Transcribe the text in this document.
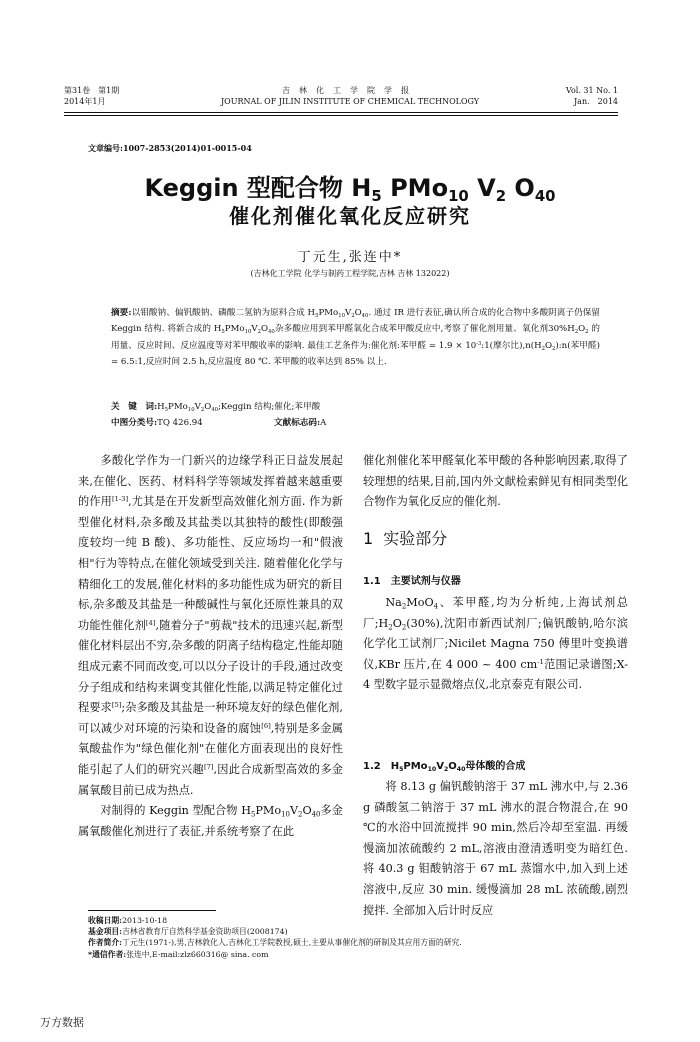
第31卷　第1期
2014年1月
吉林化工学院学报
JOURNAL OF JILIN INSTITUTE OF CHEMICAL TECHNOLOGY
Vol. 31 No. 1
Jan.　2014
文章编号:1007-2853(2014)01-0015-04
Keggin 型配合物 $H_5$ PMo$_{10}$ $V_2$ $O_{40}$
催化剂催化氧化反应研究
丁元生,张连中*
(吉林化工学院 化学与制药工程学院,吉林 吉林 132022)
摘要:以钼酸钠、偏钒酸钠、磷酸二氢钠为原料合成 $H_5PMo_{10}V_2O_{40}$. 通过 IR 进行表征,确认所合成的化合物中多酸阴离子仍保留 Keggin 结构. 将新合成的 $H_5PMo_{10}V_2O_{40}$杂多酸应用到苯甲醛氧化合成苯甲酸反应中,考察了催化剂用量、氧化剂$30\%H_2O_2$ 的用量、反应时间、反应温度等对苯甲酸收率的影响. 最佳工艺条件为:催化剂:苯甲醛 = $1.9 \times 10^{-3}:1$(摩尔比)$,n(H_2O_2):n$(苯甲醛) = 6.5:1,反应时间 2.5 h,反应温度 80 ℃. 苯甲酸的收率达到 85% 以上.
关　键　词$:H_5PMo_{10}V_2O_{40};Keggin$ 结构;催化;苯甲酸
中图分类号:TQ 426.94	文献标志码:A

多酸化学作为一门新兴的边缘学科正日益发展起来,在催化、医药、材料科学等领域发挥着越来越重要的作用[1-3],尤其是在开发新型高效催化剂方面. 作为新型催化材料,杂多酸及其盐类以其独特的酸性(即酸强度较均一纯 B 酸)、多功能性、反应场均一和"假液相"行为等特点,在催化领域受到关注. 随着催化化学与精细化工的发展,催化材料的多功能性成为研究的新目标,杂多酸及其盐是一种酸碱性与氧化还原性兼具的双功能性催化剂[4],随着分子"剪裁"技术的迅速兴起,新型催化材料层出不穷,杂多酸的阴离子结构稳定,性能却随组成元素不同而改变,可以以分子设计的手段,通过改变分子组成和结构来调变其催化性能,以满足特定催化过程要求[5];杂多酸及其盐是一种环境友好的绿色催化剂,可以减少对环境的污染和设备的腐蚀[6],特别是多金属氧酸盐作为"绿色催化剂"在催化方面表现出的良好性能引起了人们的研究兴趣[7],因此合成新型高效的多金属氧酸目前已成为热点.

对制得的 Keggin 型配合物 $H_5PMo_{10}V_2O_{40}$多金属氧酸催化剂进行了表征,并系统考察了在此

催化剂催化苯甲醛氧化苯甲酸的各种影响因素,取得了较理想的结果,目前,国内外文献检索鲜见有相同类型化合物作为氧化反应的催化剂.

1 实验部分
1.1　主要试剂与仪器

$Na_2MoO_4$、苯甲醛,均为分析纯,上海试剂总厂$;H_2O_2(30\%)$,沈阳市新西试剂厂;偏钒酸钠,哈尔滨化学化工试剂厂;Nicilet Magna 750 傅里叶变换谱仪,KBr 压片,在 4 000 ~ 400 $cm^{-1}$范围记录谱图;X-4 型数字显示显微熔点仪,北京泰克有限公司.

1.2　$H_5PMo_{10}V_2O_{40}$母体酸的合成

将 8.13 g 偏钒酸钠溶于 37 mL 沸水中,与 2.36 g 磷酸氢二钠溶于 37 mL 沸水的混合物混合,在 90 ℃的水浴中回流搅拌 90 min,然后冷却至室温. 再缓慢滴加浓硫酸约 2 mL,溶液由澄清透明变为暗红色. 将 40.3 g 钼酸钠溶于 67 mL 蒸馏水中,加入到上述溶液中,反应 30 min. 缓慢滴加 28 mL 浓硫酸,剧烈搅拌. 全部加入后计时反应

收稿日期:2013-10-18
基金项目:吉林省教育厅自然科学基金资助项目(2008174)
作者简介:丁元生(1971-),男,吉林敦化人,吉林化工学院教授,硕士,主要从事催化剂的研制及其应用方面的研究.
*通信作者:张连中,E-mail:zlz660316@ sina. com
万方数据
